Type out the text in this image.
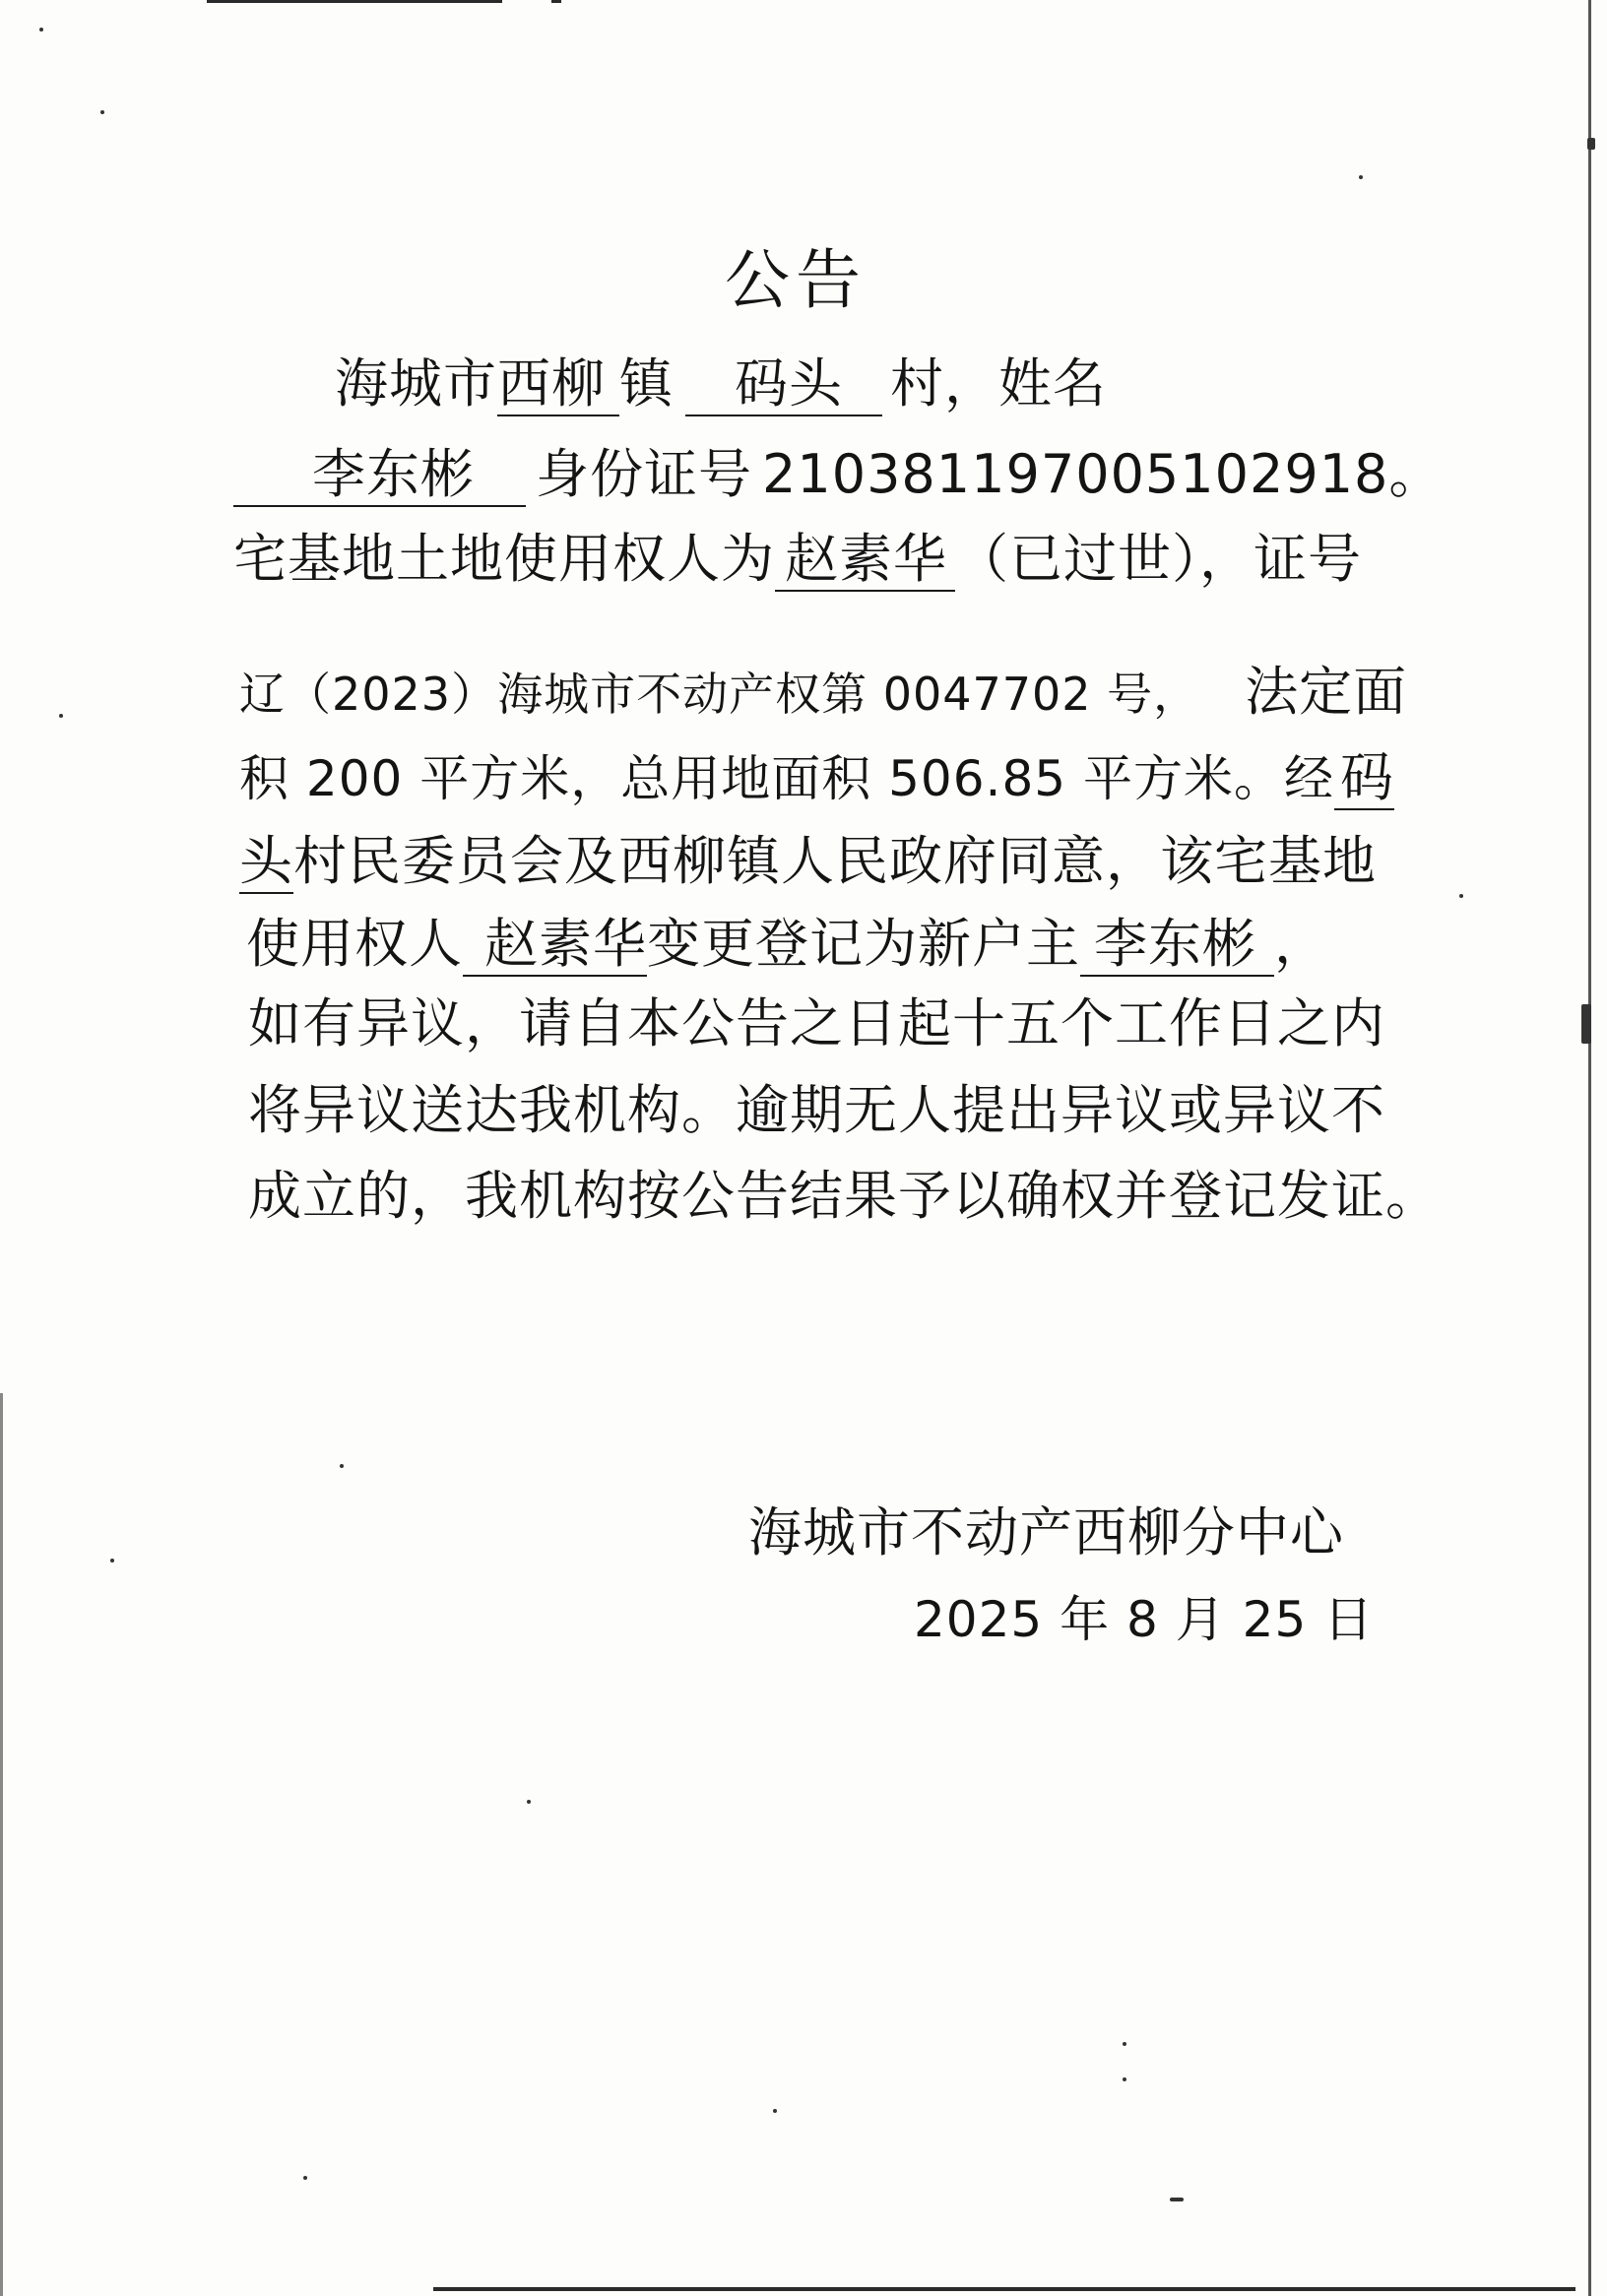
公告
海城市西柳 镇 码头 村，姓名
李东彬 身份证号 210381197005102918。
宅基地土地使用权人为 赵素华 （已过世），证号
辽（2023）海城市不动产权第 0047702 号， 法定面
积 200 平方米，总用地面积 506.85 平方米。经 码
头村民委员会及西柳镇人民政府同意，该宅基地
使用权人 赵素华变更登记为新户主 李东彬 ，
如有异议，请自本公告之日起十五个工作日之内
将异议送达我机构。逾期无人提出异议或异议不
成立的，我机构按公告结果予以确权并登记发证。
海城市不动产西柳分中心
2025 年 8 月 25 日
